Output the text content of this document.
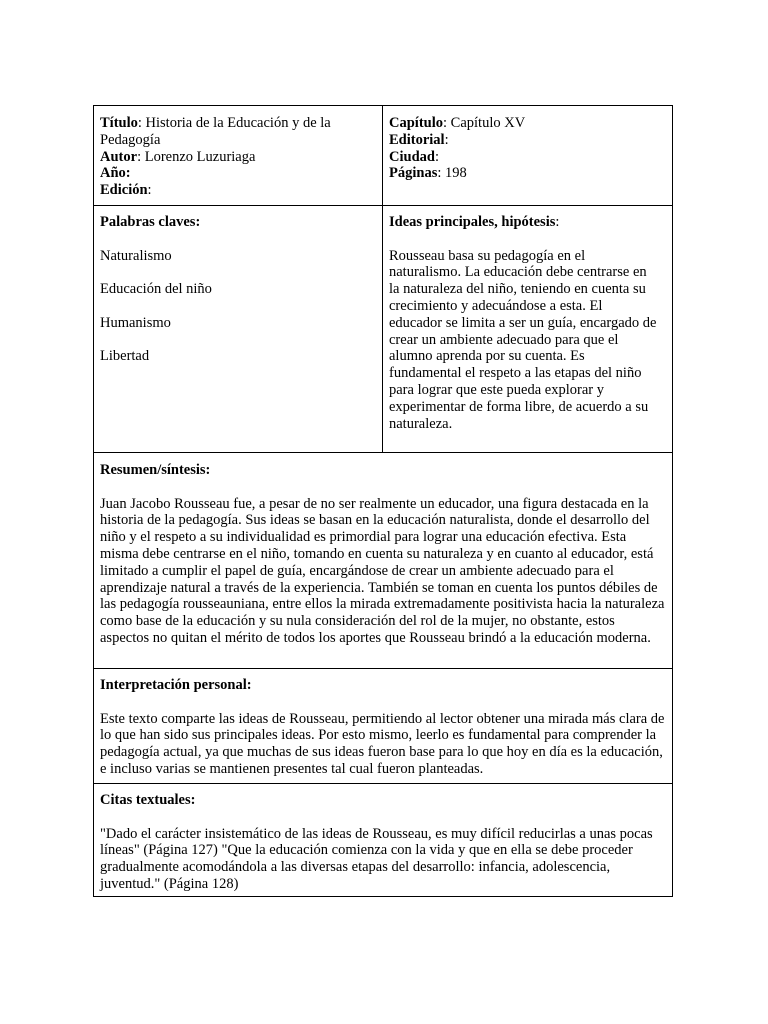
Título: Historia de la Educación y de la Pedagogía
Autor: Lorenzo Luzuriaga
Año:
Edición:
Capítulo: Capítulo XV
Editorial:
Ciudad:
Páginas: 198
Palabras claves:
Naturalismo
Educación del niño
Humanismo
Libertad
Ideas principales, hipótesis:
Rousseau basa su pedagogía en el naturalismo. La educación debe centrarse en la naturaleza del niño, teniendo en cuenta su crecimiento y adecuándose a esta. El educador se limita a ser un guía, encargado de crear un ambiente adecuado para que el alumno aprenda por su cuenta. Es fundamental el respeto a las etapas del niño para lograr que este pueda explorar y experimentar de forma libre, de acuerdo a su naturaleza.
Resumen/síntesis:
Juan Jacobo Rousseau fue, a pesar de no ser realmente un educador, una figura destacada en la historia de la pedagogía. Sus ideas se basan en la educación naturalista, donde el desarrollo del niño y el respeto a su individualidad es primordial para lograr una educación efectiva. Esta misma debe centrarse en el niño, tomando en cuenta su naturaleza y en cuanto al educador, está limitado a cumplir el papel de guía, encargándose de crear un ambiente adecuado para el aprendizaje natural a través de la experiencia. También se toman en cuenta los puntos débiles de las pedagogía rousseauniana, entre ellos la mirada extremadamente positivista hacia la naturaleza como base de la educación y su nula consideración del rol de la mujer, no obstante, estos aspectos no quitan el mérito de todos los aportes que Rousseau brindó a la educación moderna.
Interpretación personal:
Este texto comparte las ideas de Rousseau, permitiendo al lector obtener una mirada más clara de lo que han sido sus principales ideas. Por esto mismo, leerlo es fundamental para comprender la pedagogía actual, ya que muchas de sus ideas fueron base para lo que hoy en día es la educación, e incluso varias se mantienen presentes tal cual fueron planteadas.
Citas textuales:
"Dado el carácter insistemático de las ideas de Rousseau, es muy difícil reducirlas a unas pocas líneas" (Página 127) "Que la educación comienza con la vida y que en ella se debe proceder gradualmente acomodándola a las diversas etapas del desarrollo: infancia, adolescencia, juventud." (Página 128)
